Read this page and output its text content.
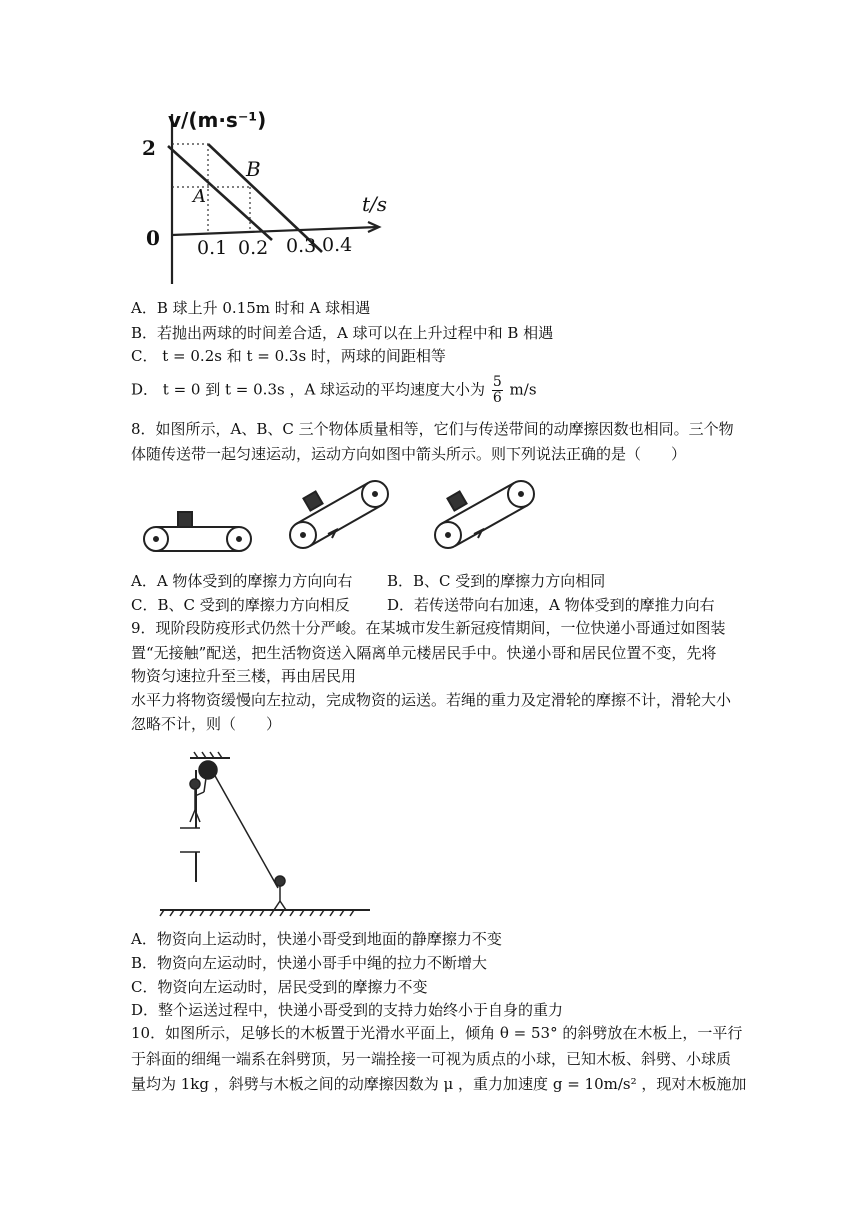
v/(m·s⁻¹)
2
0
B
A	t/s
0.1 0.2 0.3 0.4
A．B 球上升 0.15m 时和 A 球相遇
B．若抛出两球的时间差合适，A 球可以在上升过程中和 B 相遇
C． t = 0.2s 和 t = 0.3s 时，两球的间距相等
D． t = 0 到 t = 0.3s ，A 球运动的平均速度大小为 $\frac{5}{6} m/s$
8．如图所示，A、B、C 三个物体质量相等，它们与传送带间的动摩擦因数也相同。三个物
体随传送带一起匀速运动，运动方向如图中箭头所示。则下列说法正确的是（　　）
A．A 物体受到的摩擦力方向向右 B．B、C 受到的摩擦力方向相同
C．B、C 受到的摩擦力方向相反 D．若传送带向右加速，A 物体受到的摩推力向右
9．现阶段防疫形式仍然十分严峻。在某城市发生新冠疫情期间，一位快递小哥通过如图装
置“无接触”配送，把生活物资送入隔离单元楼居民手中。快递小哥和居民位置不变，先将
物资匀速拉升至三楼，再由居民用
水平力将物资缓慢向左拉动，完成物资的运送。若绳的重力及定滑轮的摩擦不计，滑轮大小
忽略不计，则（　　）
A．物资向上运动时，快递小哥受到地面的静摩擦力不变
B．物资向左运动时，快递小哥手中绳的拉力不断增大
C．物资向左运动时，居民受到的摩擦力不变
D．整个运送过程中，快递小哥受到的支持力始终小于自身的重力
10．如图所示，足够长的木板置于光滑水平面上，倾角 θ = 53° 的斜劈放在木板上，一平行
于斜面的细绳一端系在斜劈顶，另一端拴接一可视为质点的小球，已知木板、斜劈、小球质
量均为 1kg ，斜劈与木板之间的动摩擦因数为 μ ，重力加速度 g = 10m/s² ，现对木板施加
